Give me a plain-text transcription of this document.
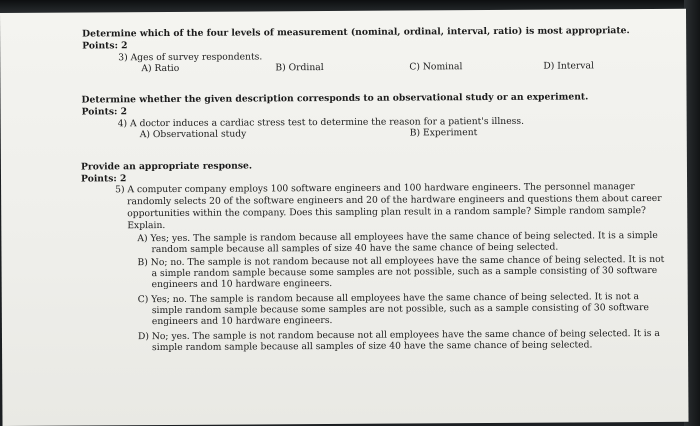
Determine which of the four levels of measurement (nominal, ordinal, interval, ratio) is most appropriate.
Points: 2
3) Ages of survey respondents.
A) Ratio	B) Ordinal	C) Nominal	D) Interval
Determine whether the given description corresponds to an observational study or an experiment.
Points: 2
4) A doctor induces a cardiac stress test to determine the reason for a patient's illness.
A) Observational study	B) Experiment
Provide an appropriate response.
Points: 2
5) A computer company employs 100 software engineers and 100 hardware engineers. The personnel manager
randomly selects 20 of the software engineers and 20 of the hardware engineers and questions them about career
opportunities within the company. Does this sampling plan result in a random sample? Simple random sample?
Explain.
A) Yes; yes. The sample is random because all employees have the same chance of being selected. It is a simple
random sample because all samples of size 40 have the same chance of being selected.
B) No; no. The sample is not random because not all employees have the same chance of being selected. It is not
a simple random sample because some samples are not possible, such as a sample consisting of 30 software
engineers and 10 hardware engineers.
C) Yes; no. The sample is random because all employees have the same chance of being selected. It is not a
simple random sample because some samples are not possible, such as a sample consisting of 30 software
engineers and 10 hardware engineers.
D) No; yes. The sample is not random because not all employees have the same chance of being selected. It is a
simple random sample because all samples of size 40 have the same chance of being selected.
